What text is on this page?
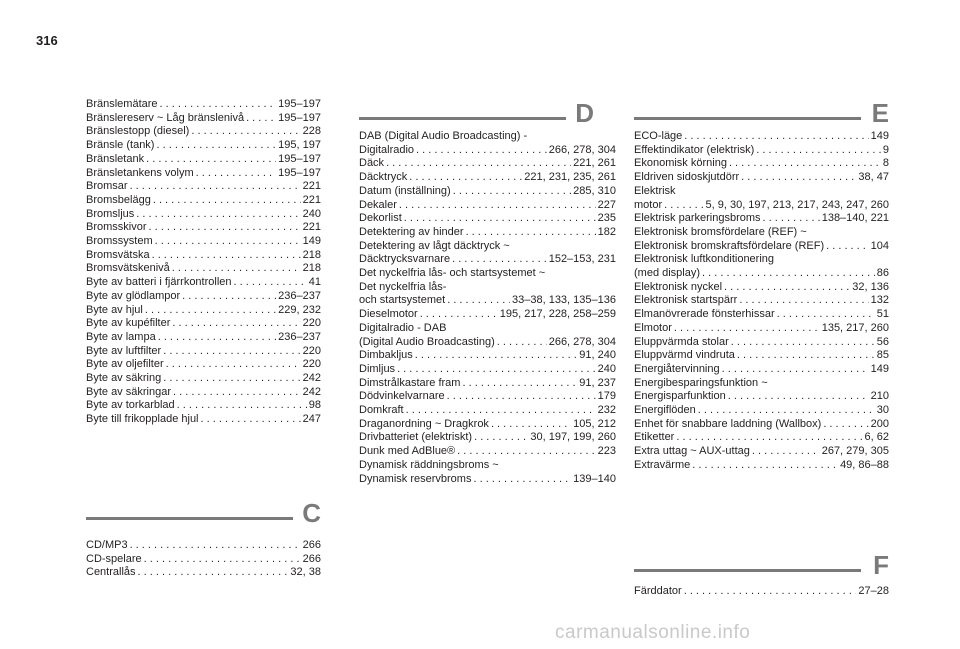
316
Bränslemätare . . .	195–197
Bränslereserv ~ Låg bränslenivå . . .	195–197
Bränslestopp (diesel) . . .	228
Bränsle (tank) . . .	195, 197
Bränsletank . . .	195–197
Bränsletankens volym . . .	195–197
Bromsar . . .	221
Bromsbelägg . . .	221
Bromsljus . . .	240
Bromsskivor . . .	221
Bromssystem . . .	149
Bromsvätska . . .	218
Bromsvätskenivå . . .	218
Byte av batteri i fjärrkontrollen . . .	41
Byte av glödlampor . . .	236–237
Byte av hjul . . .	229, 232
Byte av kupéfilter . . .	220
Byte av lampa . . .	236–237
Byte av luftfilter . . .	220
Byte av oljefilter . . .	220
Byte av säkring . . .	242
Byte av säkringar . . .	242
Byte av torkarblad . . .	98
Byte till frikopplade hjul . . .	247
C
CD/MP3 . . .	266
CD-spelare . . .	266
Centrallås . . .	32, 38
D
DAB (Digital Audio Broadcasting) -
Digitalradio . . .	266, 278, 304
Däck . . .	221, 261
Däcktryck . . .	221, 231, 235, 261
Datum (inställning) . . .	285, 310
Dekaler . . .	227
Dekorlist . . .	235
Detektering av hinder . . .	182
Detektering av lågt däcktryck ~
Däcktrycksvarnare . . .	152–153, 231
Det nyckelfria lås- och startsystemet ~
Det nyckelfria lås-
och startsystemet . . .	33–38, 133, 135–136
Dieselmotor . . .	195, 217, 228, 258–259
Digitalradio - DAB
(Digital Audio Broadcasting) . . .	266, 278, 304
Dimbakljus . . .	91, 240
Dimljus . . .	240
Dimstrålkastare fram . . .	91, 237
Dödvinkelvarnare . . .	179
Domkraft . . .	232
Draganordning ~ Dragkrok . . .	105, 212
Drivbatteriet (elektriskt) . . .	30, 197, 199, 260
Dunk med AdBlue® . . .	223
Dynamisk räddningsbroms ~
Dynamisk reservbroms . . .	139–140
E
ECO-läge . . .	149
Effektindikator (elektrisk) . . .	9
Ekonomisk körning . . .	8
Eldriven sidoskjutdörr . . .	38, 47
Elektrisk
motor . . .	5, 9, 30, 197, 213, 217, 243, 247, 260
Elektrisk parkeringsbroms . . .	138–140, 221
Elektronisk bromsfördelare (REF) ~
Elektronisk bromskraftsfördelare (REF) . . .	104
Elektronisk luftkonditionering
(med display) . . .	86
Elektronisk nyckel . . .	32, 136
Elektronisk startspärr . . .	132
Elmanövrerade fönsterhissar . . .	51
Elmotor . . .	135, 217, 260
Eluppvärmda stolar . . .	56
Eluppvärmd vindruta . . .	85
Energiåtervinning . . .	149
Energibesparingsfunktion ~
Energisparfunktion . . .	210
Energiflöden . . .	30
Enhet för snabbare laddning (Wallbox) . . .	200
Etiketter . . .	6, 62
Extra uttag ~ AUX-uttag . . .	267, 279, 305
Extravärme . . .	49, 86–88
F
Färddator . . .	27–28
carmanualsonline.info
